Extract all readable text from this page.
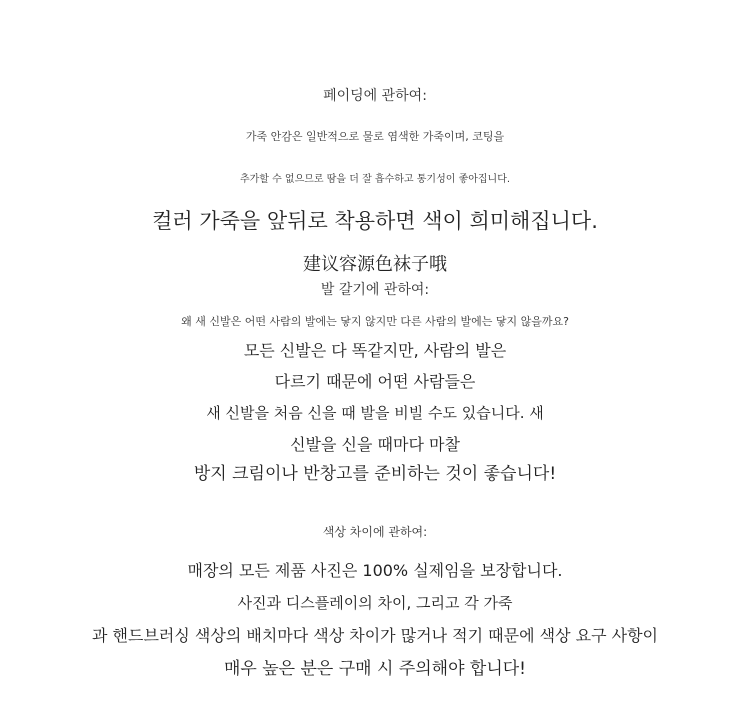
페이딩에 관하여:
가죽 안감은 일반적으로 물로 염색한 가죽이며, 코팅을
추가할 수 없으므로 땀을 더 잘 흡수하고 통기성이 좋아집니다.
컬러 가죽을 앞뒤로 착용하면 색이 희미해집니다.
建议容源色袜子哦
발 갈기에 관하여:
왜 새 신발은 어떤 사람의 발에는 닿지 않지만 다른 사람의 발에는 닿지 않을까요?
모든 신발은 다 똑같지만, 사람의 발은
다르기 때문에 어떤 사람들은
새 신발을 처음 신을 때 발을 비빌 수도 있습니다. 새
신발을 신을 때마다 마찰
방지 크림이나 반창고를 준비하는 것이 좋습니다!
색상 차이에 관하여:
매장의 모든 제품 사진은 100% 실제임을 보장합니다.
사진과 디스플레이의 차이, 그리고 각 가죽
과 핸드브러싱 색상의 배치마다 색상 차이가 많거나 적기 때문에 색상 요구 사항이
매우 높은 분은 구매 시 주의해야 합니다!
